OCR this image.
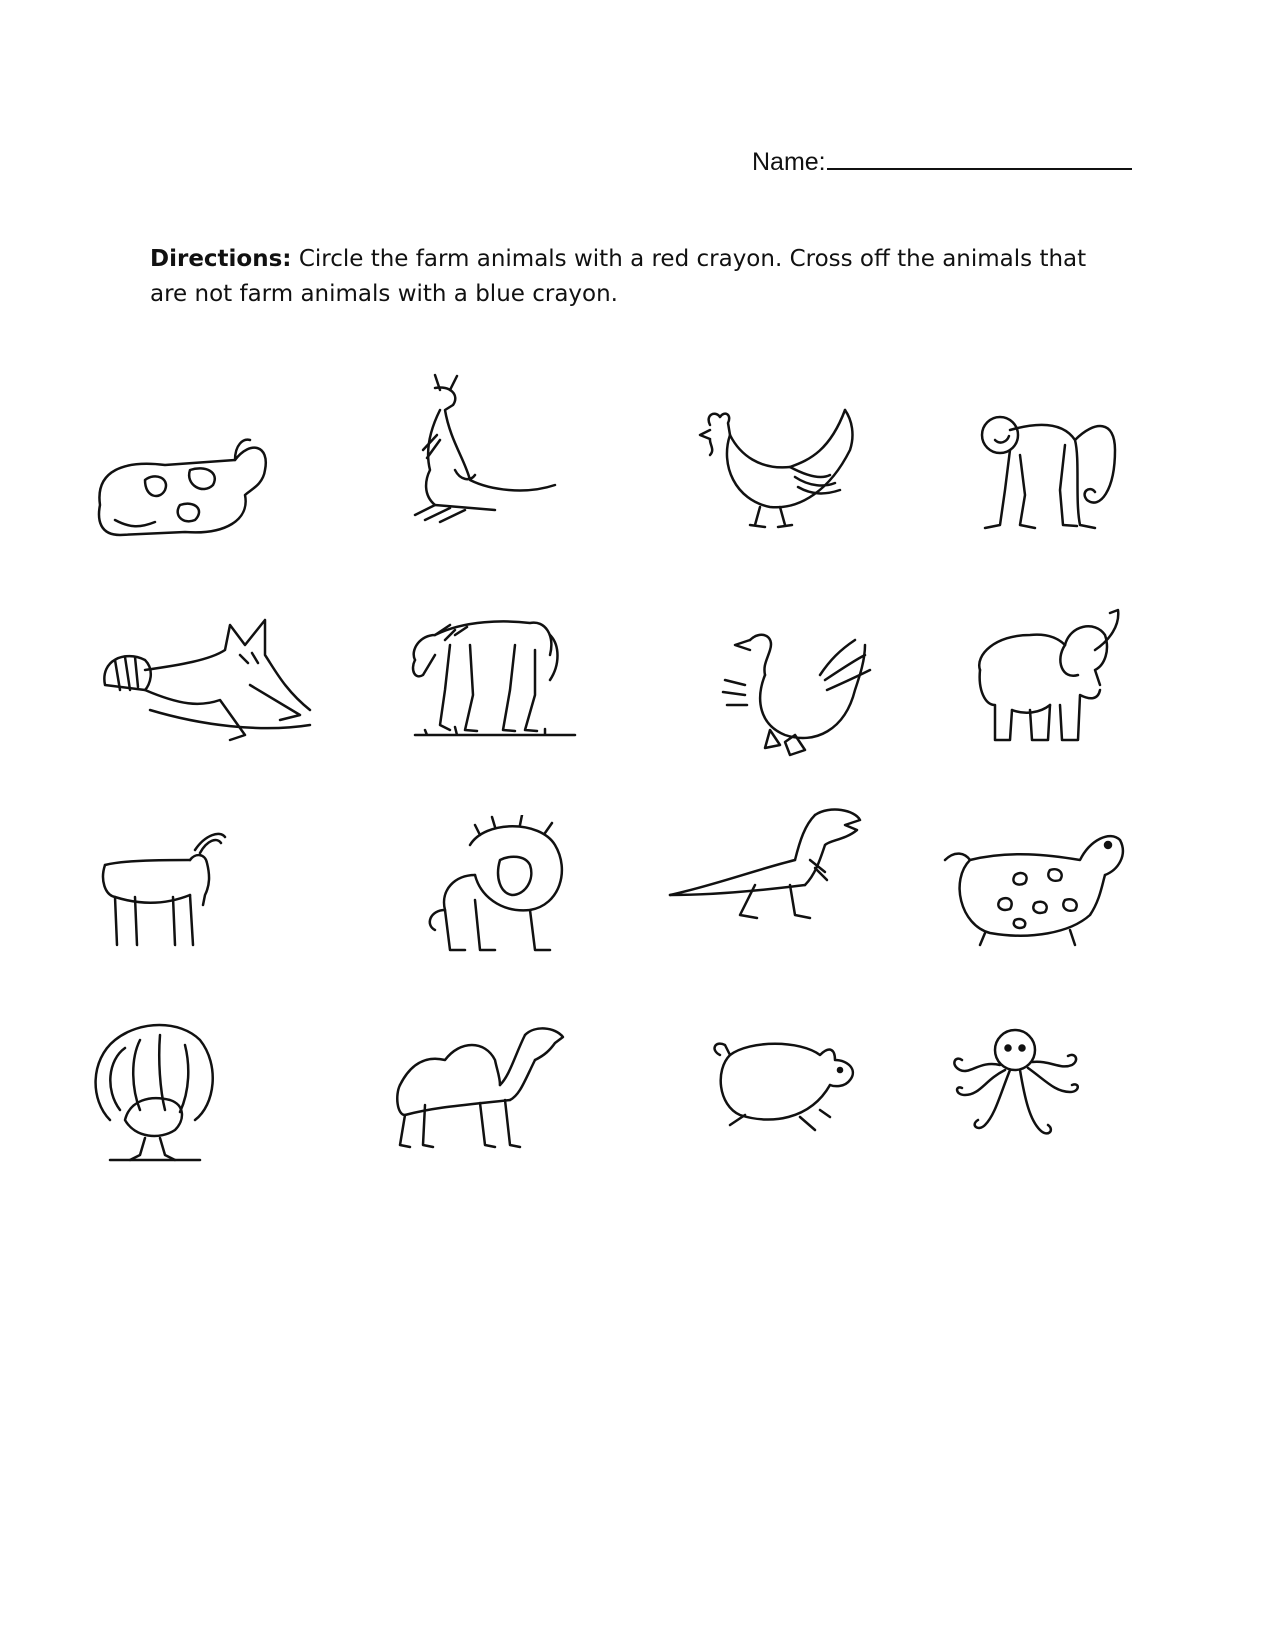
Name:
Directions: Circle the farm animals with a red crayon. Cross off the animals that are not farm animals with a blue crayon.
